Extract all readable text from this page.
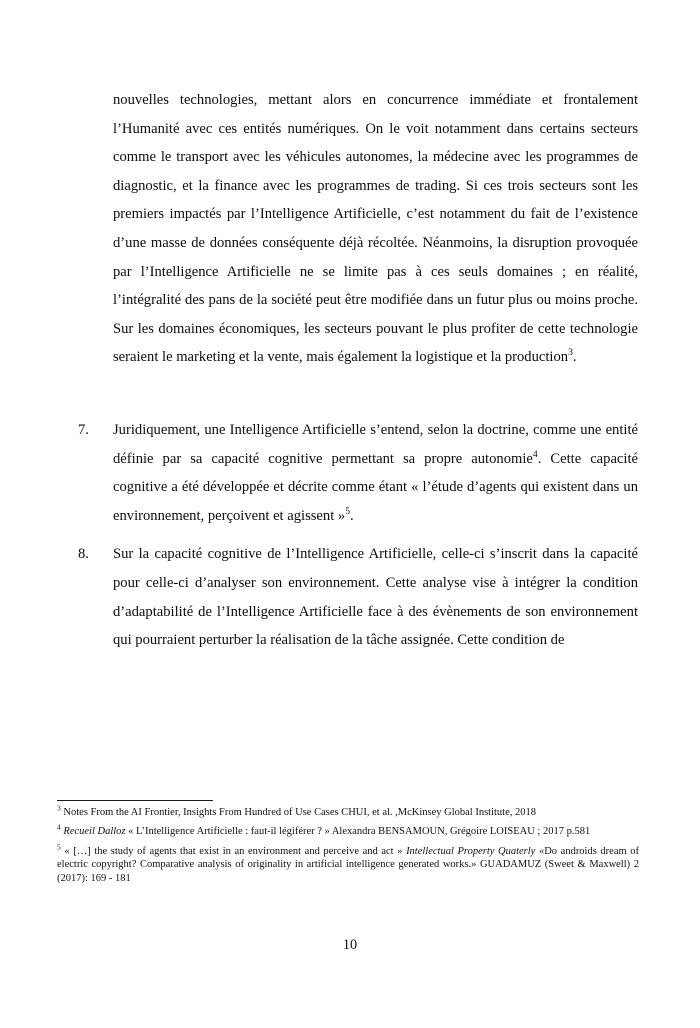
nouvelles technologies, mettant alors en concurrence immédiate et frontalement l’Humanité avec ces entités numériques. On le voit notamment dans certains secteurs comme le transport avec les véhicules autonomes, la médecine avec les programmes de diagnostic, et la finance avec les programmes de trading. Si ces trois secteurs sont les premiers impactés par l’Intelligence Artificielle, c’est notamment du fait de l’existence d’une masse de données conséquente déjà récoltée. Néanmoins, la disruption provoquée par l’Intelligence Artificielle ne se limite pas à ces seuls domaines ; en réalité, l’intégralité des pans de la société peut être modifiée dans un futur plus ou moins proche. Sur les domaines économiques, les secteurs pouvant le plus profiter de cette technologie seraient le marketing et la vente, mais également la logistique et la production$^3$.

7.	Juridiquement, une Intelligence Artificielle s’entend, selon la doctrine, comme une entité définie par sa capacité cognitive permettant sa propre autonomie$^4$. Cette capacité cognitive a été développée et décrite comme étant « l’étude d’agents qui existent dans un environnement, perçoivent et agissent »$^5$.
8.	Sur la capacité cognitive de l’Intelligence Artificielle, celle-ci s’inscrit dans la capacité pour celle-ci d’analyser son environnement. Cette analyse vise à intégrer la condition d’adaptabilité de l’Intelligence Artificielle face à des évènements de son environnement qui pourraient perturber la réalisation de la tâche assignée. Cette condition de

$^3$ Notes From the AI Frontier, Insights From Hundred of Use Cases CHUI, et al. ,McKinsey Global Institute, 2018

$^4$ Recueil Dalloz « L’Intelligence Artificielle : faut-il légiférer ? » Alexandra BENSAMOUN, Grégoire LOISEAU ; 2017 p.581

$^5$ « […] the study of agents that exist in an environment and perceive and act » Intellectual Property Quaterly «Do androids dream of electric copyright? Comparative analysis of originality in artificial intelligence generated works.» GUADAMUZ (Sweet & Maxwell) 2 (2017): 169 - 181

10
